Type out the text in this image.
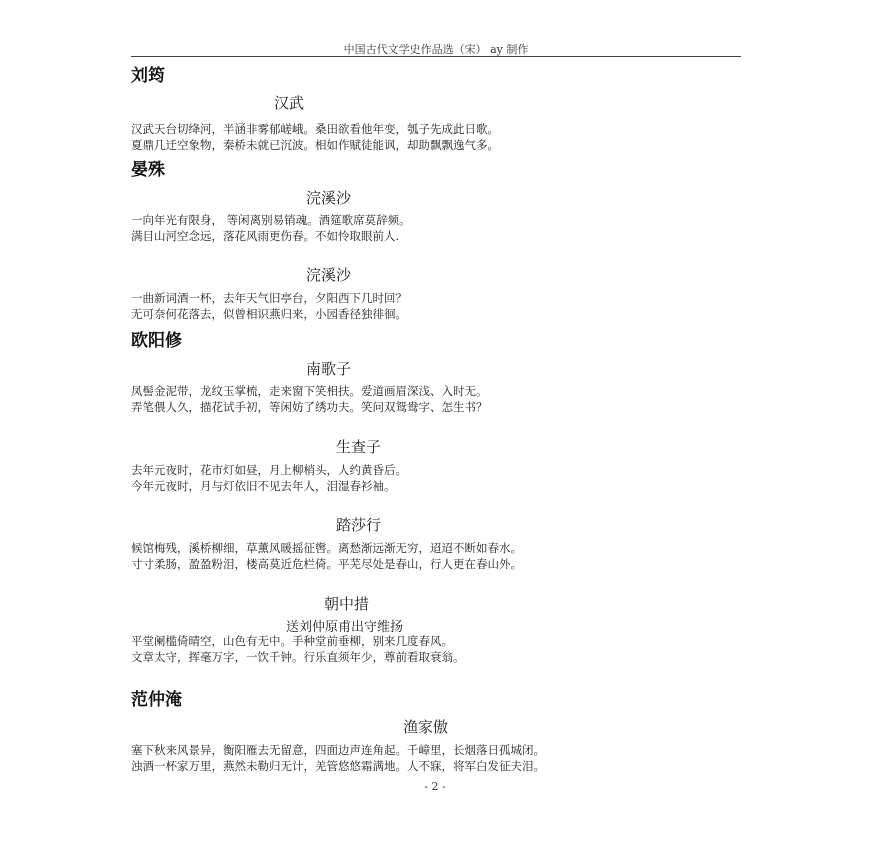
中国古代文学史作品选（宋） ay 制作
刘筠
汉武
汉武天台切绛河，半涵非雾郁嵯峨。桑田欲看他年变，瓠子先成此日歌。
夏鼎几迁空象物，秦桥未就已沉波。相如作赋徒能讽，却助飘飘逸气多。
晏殊
浣溪沙
一向年光有限身， 等闲离别易销魂。酒筵歌席莫辞频。
满目山河空念远，落花风雨更伤春。不如怜取眼前人.
浣溪沙
一曲新词酒一杯，去年天气旧亭台，夕阳西下几时回？
无可奈何花落去，似曾相识燕归来，小园香径独徘徊。
欧阳修
南歌子
凤髻金泥带，龙纹玉掌梳，走来窗下笑相扶。爱道画眉深浅、入时无。
弄笔偎人久，描花试手初，等闲妨了绣功夫。笑问双鸳鸯字、怎生书？
生查子
去年元夜时，花市灯如昼，月上柳梢头，人约黄昏后。
今年元夜时，月与灯依旧不见去年人，泪湿春衫袖。
踏莎行
候馆梅残，溪桥柳细，草薰风暖摇征辔。离愁渐远渐无穷，迢迢不断如春水。
寸寸柔肠，盈盈粉泪，楼高莫近危栏倚。平芜尽处是春山，行人更在春山外。
朝中措
送刘仲原甫出守维扬
平堂阑槛倚晴空，山色有无中。手种堂前垂柳，别来几度春风。
文章太守，挥毫万字，一饮千钟。行乐直须年少，尊前看取衰翁。
范仲淹
渔家傲
塞下秋来风景异，衡阳雁去无留意，四面边声连角起。千嶂里，长烟落日孤城闭。
浊酒一杯家万里，燕然未勒归无计，羌管悠悠霜满地。人不寐，将军白发征夫泪。
- 2 -
